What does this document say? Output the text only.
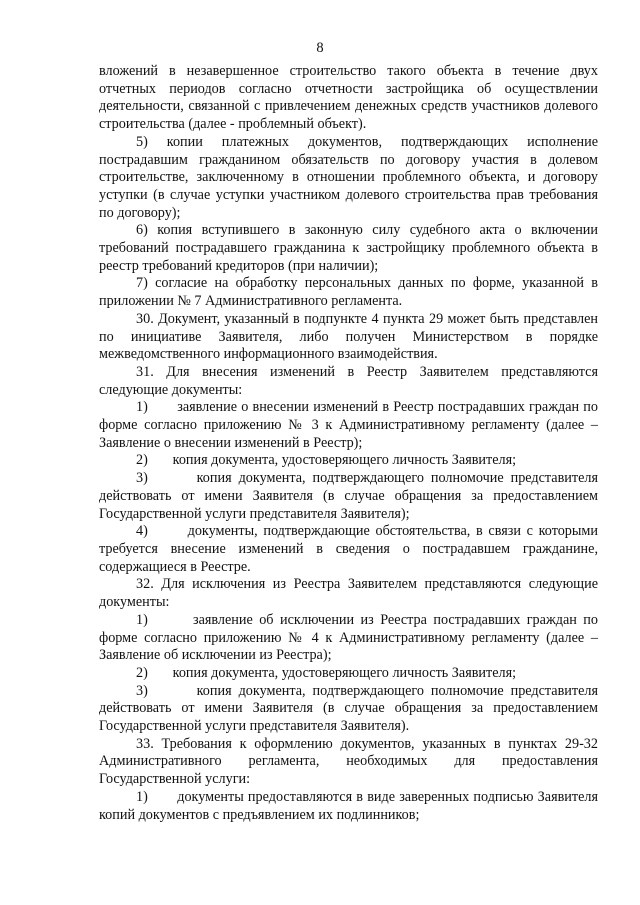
8

вложений в незавершенное строительство такого объекта в течение двух отчетных периодов согласно отчетности застройщика об осуществлении деятельности, связанной с привлечением денежных средств участников долевого строительства (далее - проблемный объект).

5) копии платежных документов, подтверждающих исполнение пострадавшим гражданином обязательств по договору участия в долевом строительстве, заключенному в отношении проблемного объекта, и договору уступки (в случае уступки участником долевого строительства прав требования по договору);

6) копия вступившего в законную силу судебного акта о включении требований пострадавшего гражданина к застройщику проблемного объекта в реестр требований кредиторов (при наличии);

7) согласие на обработку персональных данных по форме, указанной в приложении № 7 Административного регламента.

30. Документ, указанный в подпункте 4 пункта 29 может быть представлен по инициативе Заявителя, либо получен Министерством в порядке межведомственного информационного взаимодействия.

31. Для внесения изменений в Реестр Заявителем представляются следующие документы:

1)       заявление о внесении изменений в Реестр пострадавших граждан по форме согласно приложению № 3 к Административному регламенту (далее – Заявление о внесении изменений в Реестр);

2)       копия документа, удостоверяющего личность Заявителя;

3)       копия документа, подтверждающего полномочие представителя действовать от имени Заявителя (в случае обращения за предоставлением Государственной услуги представителя Заявителя);

4)       документы, подтверждающие обстоятельства, в связи с которыми требуется внесение изменений в сведения о пострадавшем гражданине, содержащиеся в Реестре.

32. Для исключения из Реестра Заявителем представляются следующие документы:

1)       заявление об исключении из Реестра пострадавших граждан по форме согласно приложению № 4 к Административному регламенту (далее – Заявление об исключении из Реестра);

2)       копия документа, удостоверяющего личность Заявителя;

3)       копия документа, подтверждающего полномочие представителя действовать от имени Заявителя (в случае обращения за предоставлением Государственной услуги представителя Заявителя).

33. Требования к оформлению документов, указанных в пунктах 29-32 Административного регламента, необходимых для предоставления Государственной услуги:

1)       документы предоставляются в виде заверенных подписью Заявителя копий документов с предъявлением их подлинников;
